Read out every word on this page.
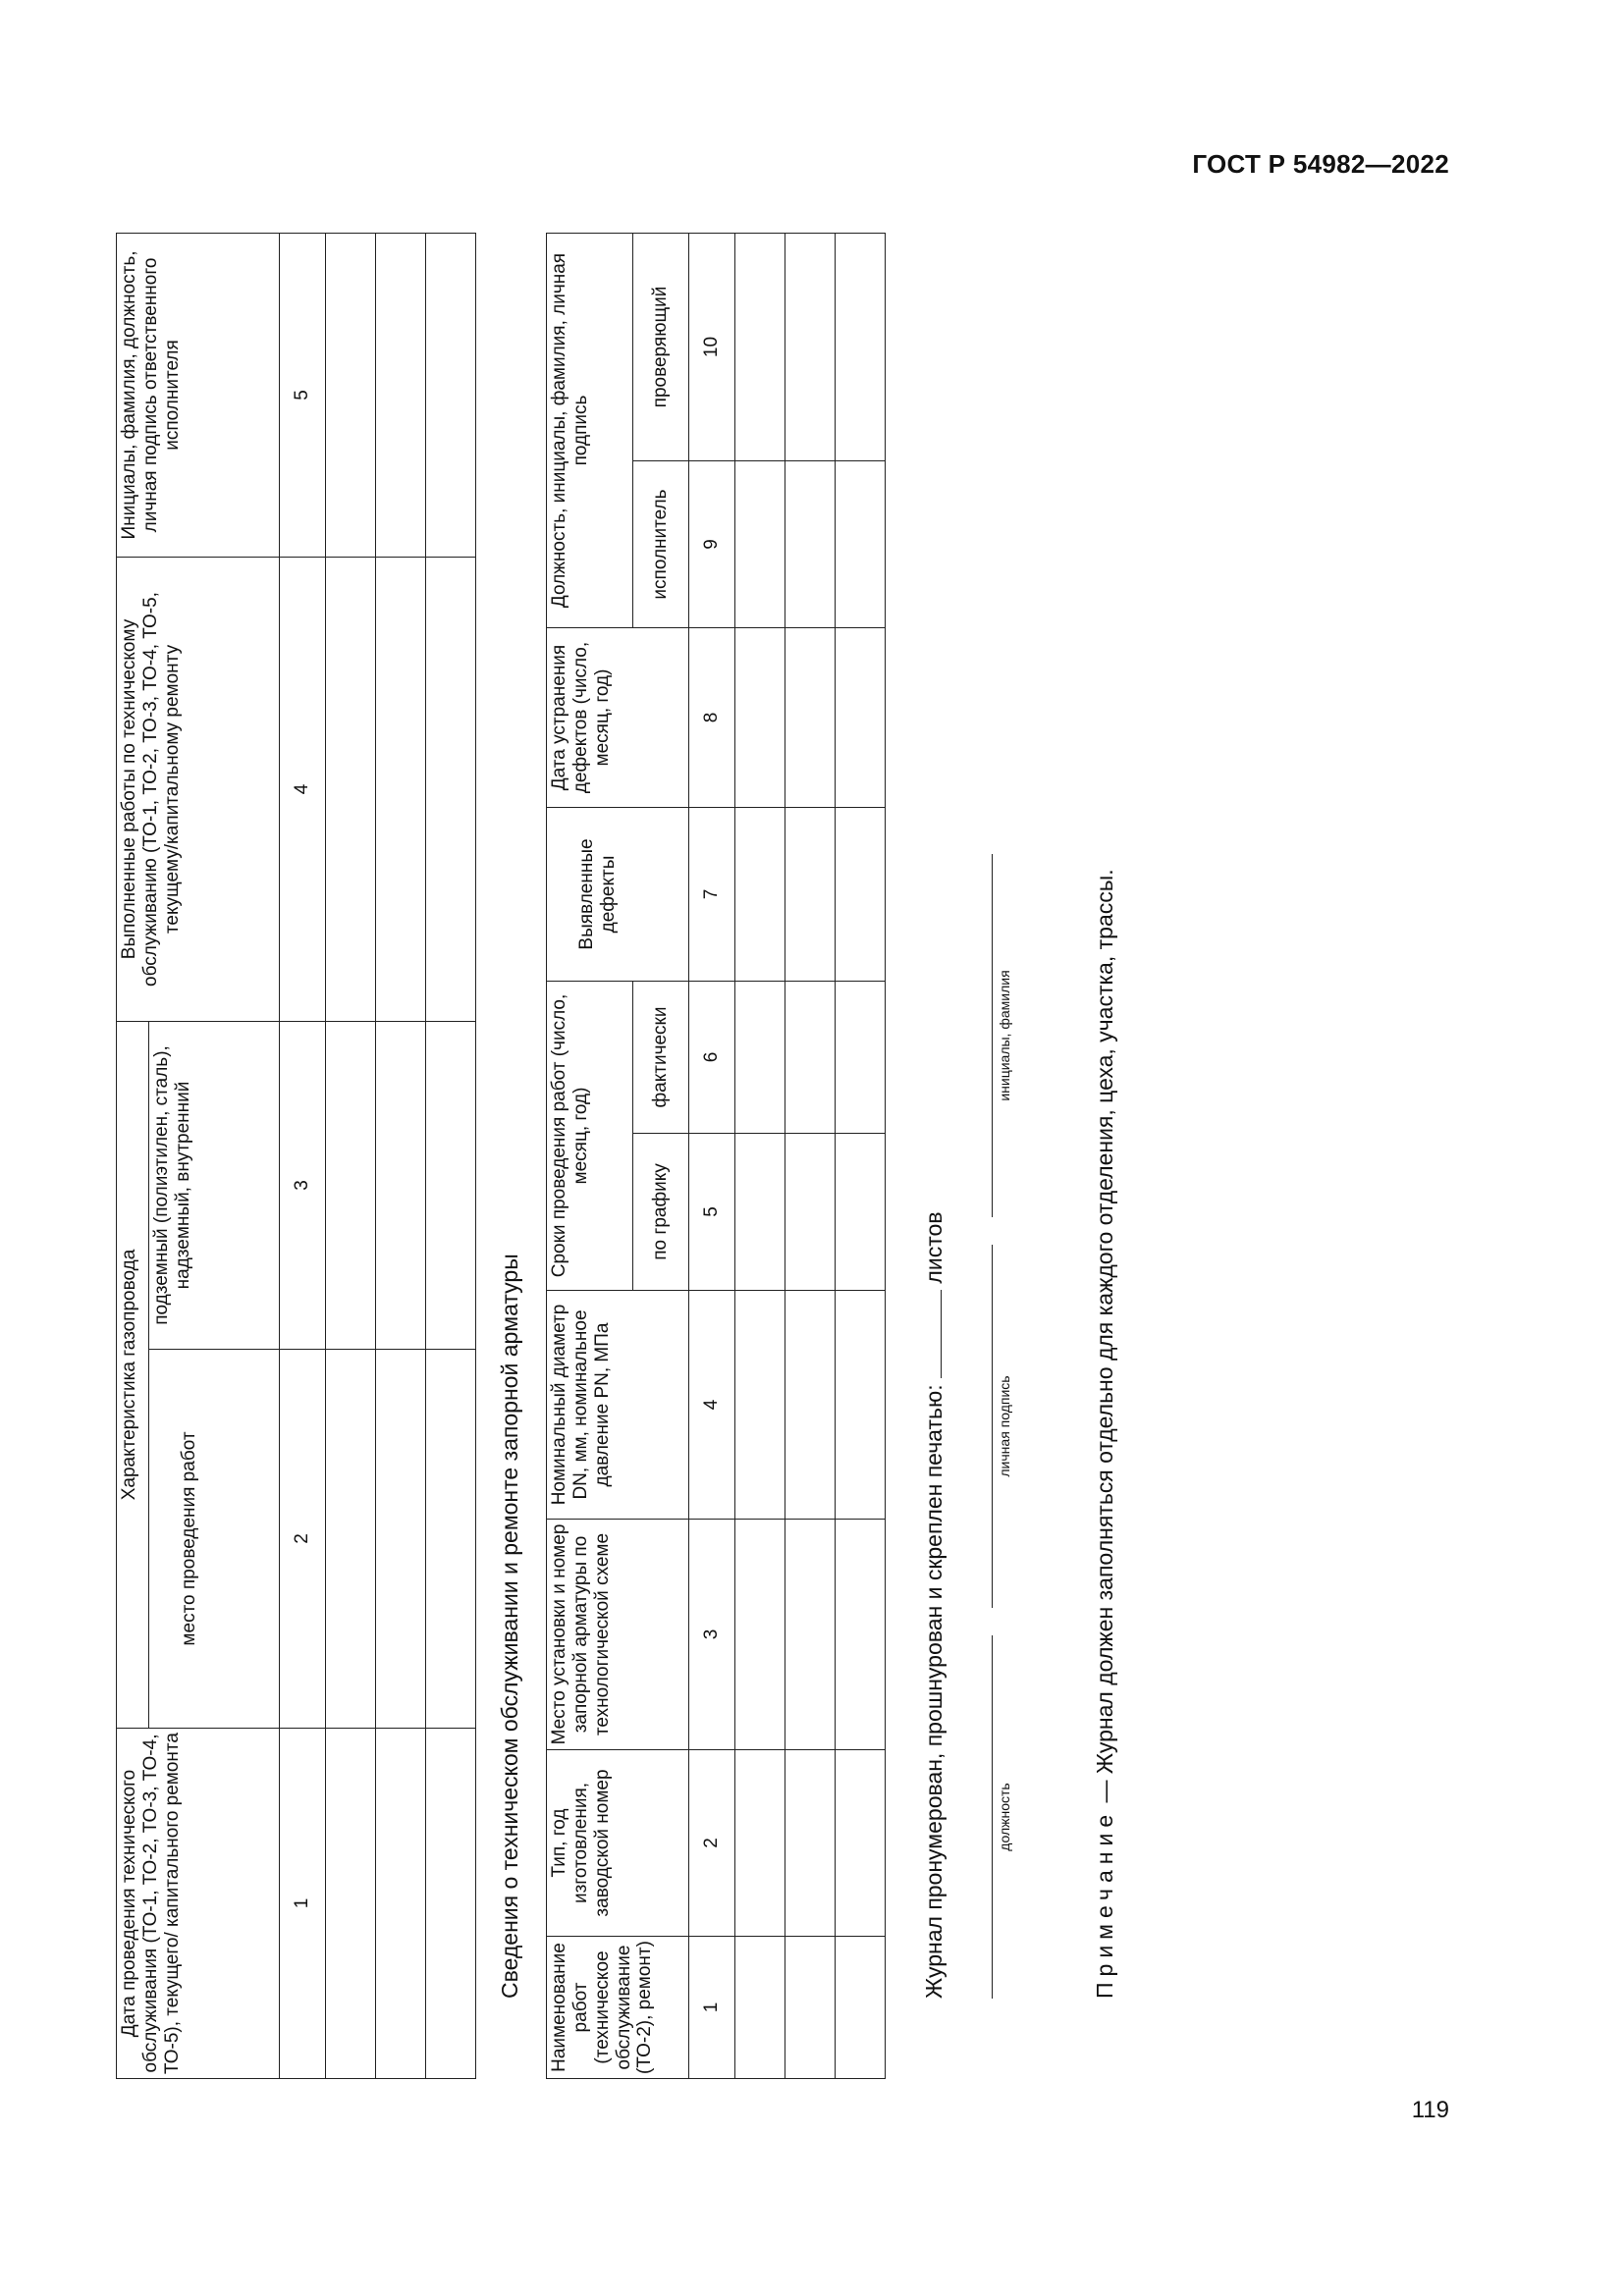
ГОСТ Р 54982—2022
Дата проведения технического обслуживания (ТО-1, ТО-2, ТО-3, ТО-4, ТО-5), текущего/ капитального ремонта	Характеристика газопровода		Выполненные работы по техническому обслуживанию (ТО-1, ТО-2, ТО-3, ТО-4, ТО-5, текущему/капитальному ремонту	Инициалы, фамилия, должность, личная подпись ответственного исполнителя
	место проведения работ	подземный (полиэтилен, сталь), надземный, внутренний		
1	2	3	4	5

Сведения о техническом обслуживании и ремонте запорной арматуры
Наименование работ (техническое обслуживание (ТО-2), ремонт)	Тип, год изготовления, заводской номер	Место установки и номер запорной арматуры по технологической схеме	Номинальный диаметр DN, мм, номинальное давление PN, МПа	Сроки проведения работ (число, месяц, год)		Выявленные дефекты	Дата устранения дефектов (число, месяц, год)	Должность, инициалы, фамилия, личная подпись	
				по графику	фактически			исполнитель	проверяющий
1	2	3	4	5	6	7	8	9	10

Журнал пронумерован, прошнурован и скреплен печатью:  листов
должность
личная подпись
инициалы, фамилия
Примечание — Журнал должен заполняться отдельно для каждого отделения, цеха, участка, трассы.
119
